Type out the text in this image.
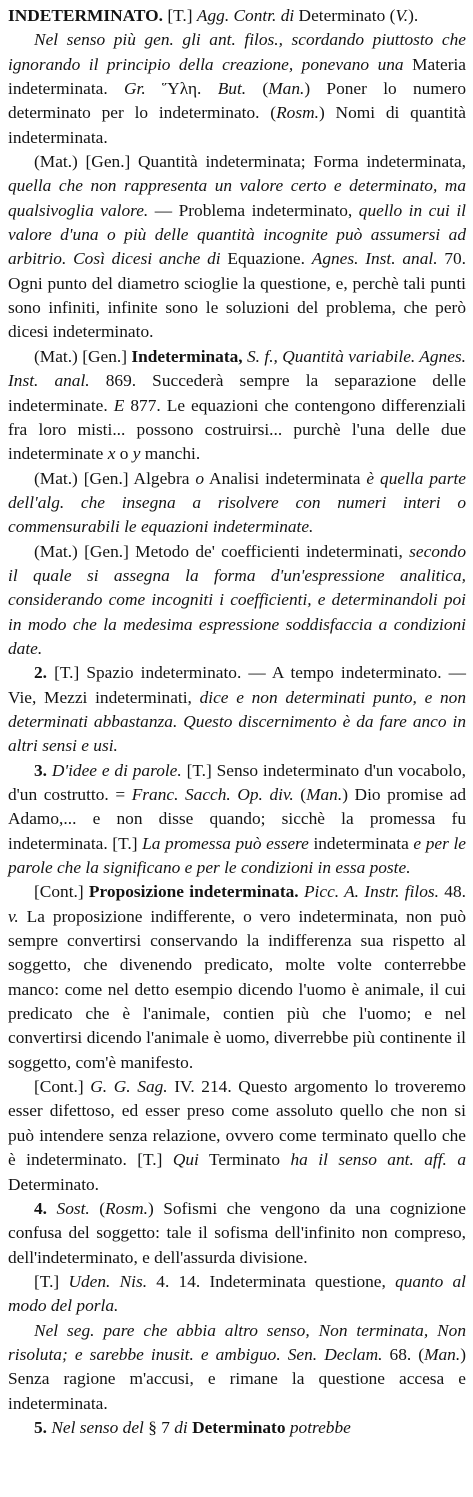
INDETERMINATO. [T.] Agg. Contr. di Determinato (V.).

Nel senso più gen. gli ant. filos., scordando piuttosto che ignorando il principio della creazione, ponevano una Materia indeterminata. Gr. Ὕλη. But. (Man.) Poner lo numero determinato per lo indeterminato. (Rosm.) Nomi di quantità indeterminata.

(Mat.) [Gen.] Quantità indeterminata; Forma indeterminata, quella che non rappresenta un valore certo e determinato, ma qualsivoglia valore. — Problema indeterminato, quello in cui il valore d'una o più delle quantità incognite può assumersi ad arbitrio. Così dicesi anche di Equazione. Agnes. Inst. anal. 70. Ogni punto del diametro scioglie la questione, e, perchè tali punti sono infiniti, infinite sono le soluzioni del problema, che però dicesi indeterminato.

(Mat.) [Gen.] Indeterminata, S. f., Quantità variabile. Agnes. Inst. anal. 869. Succederà sempre la separazione delle indeterminate. E 877. Le equazioni che contengono differenziali fra loro misti... possono costruirsi... purchè l'una delle due indeterminate x o y manchi.

(Mat.) [Gen.] Algebra o Analisi indeterminata è quella parte dell'alg. che insegna a risolvere con numeri interi o commensurabili le equazioni indeterminate.

(Mat.) [Gen.] Metodo de' coefficienti indeterminati, secondo il quale si assegna la forma d'un'espressione analitica, considerando come incogniti i coefficienti, e determinandoli poi in modo che la medesima espressione soddisfaccia a condizioni date.

2. [T.] Spazio indeterminato. — A tempo indeterminato. — Vie, Mezzi indeterminati, dice e non determinati punto, e non determinati abbastanza. Questo discernimento è da fare anco in altri sensi e usi.

3. D'idee e di parole. [T.] Senso indeterminato d'un vocabolo, d'un costrutto. = Franc. Sacch. Op. div. (Man.) Dio promise ad Adamo,... e non disse quando; sicchè la promessa fu indeterminata. [T.] La promessa può essere indeterminata e per le parole che la significano e per le condizioni in essa poste.

[Cont.] Proposizione indeterminata. Picc. A. Instr. filos. 48. v. La proposizione indifferente, o vero indeterminata, non può sempre convertirsi conservando la indifferenza sua rispetto al soggetto, che divenendo predicato, molte volte conterrebbe manco: come nel detto esempio dicendo l'uomo è animale, il cui predicato che è l'animale, contien più che l'uomo; e nel convertirsi dicendo l'animale è uomo, diverrebbe più continente il soggetto, com'è manifesto.

[Cont.] G. G. Sag. IV. 214. Questo argomento lo troveremo esser difettoso, ed esser preso come assoluto quello che non si può intendere senza relazione, ovvero come terminato quello che è indeterminato. [T.] Qui Terminato ha il senso ant. aff. a Determinato.

4. Sost. (Rosm.) Sofismi che vengono da una cognizione confusa del soggetto: tale il sofisma dell'infinito non compreso, dell'indeterminato, e dell'assurda divisione.

[T.] Uden. Nis. 4. 14. Indeterminata questione, quanto al modo del porla.

Nel seg. pare che abbia altro senso, Non terminata, Non risoluta; e sarebbe inusit. e ambiguo. Sen. Declam. 68. (Man.) Senza ragione m'accusi, e rimane la questione accesa e indeterminata.

5. Nel senso del § 7 di Determinato potrebbe
